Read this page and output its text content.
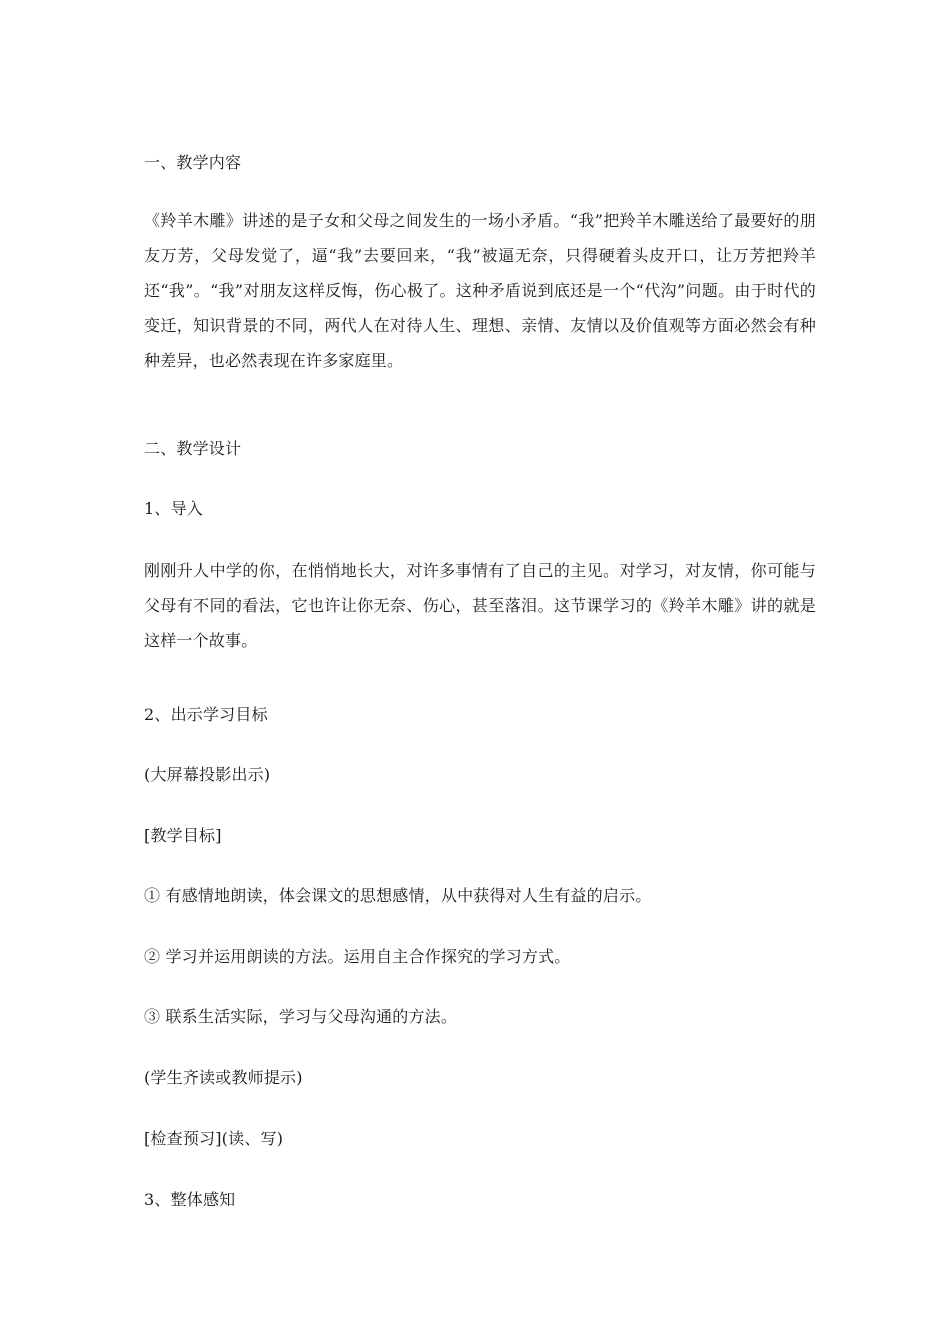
一、教学内容
《羚羊木雕》讲述的是子女和父母之间发生的一场小矛盾。“我”把羚羊木雕送给了最要好的朋友万芳，父母发觉了，逼“我”去要回来，“我”被逼无奈，只得硬着头皮开口，让万芳把羚羊还“我”。“我”对朋友这样反悔，伤心极了。这种矛盾说到底还是一个“代沟”问题。由于时代的变迁，知识背景的不同，两代人在对待人生、理想、亲情、友情以及价值观等方面必然会有种种差异，也必然表现在许多家庭里。
二、教学设计
1、导入
刚刚升人中学的你，在悄悄地长大，对许多事情有了自己的主见。对学习，对友情，你可能与父母有不同的看法，它也许让你无奈、伤心，甚至落泪。这节课学习的《羚羊木雕》讲的就是这样一个故事。
2、出示学习目标
(大屏幕投影出示)
[教学目标]
① 有感情地朗读，体会课文的思想感情，从中获得对人生有益的启示。
② 学习并运用朗读的方法。运用自主合作探究的学习方式。
③ 联系生活实际，学习与父母沟通的方法。
(学生齐读或教师提示)
[检查预习](读、写)
3、整体感知
